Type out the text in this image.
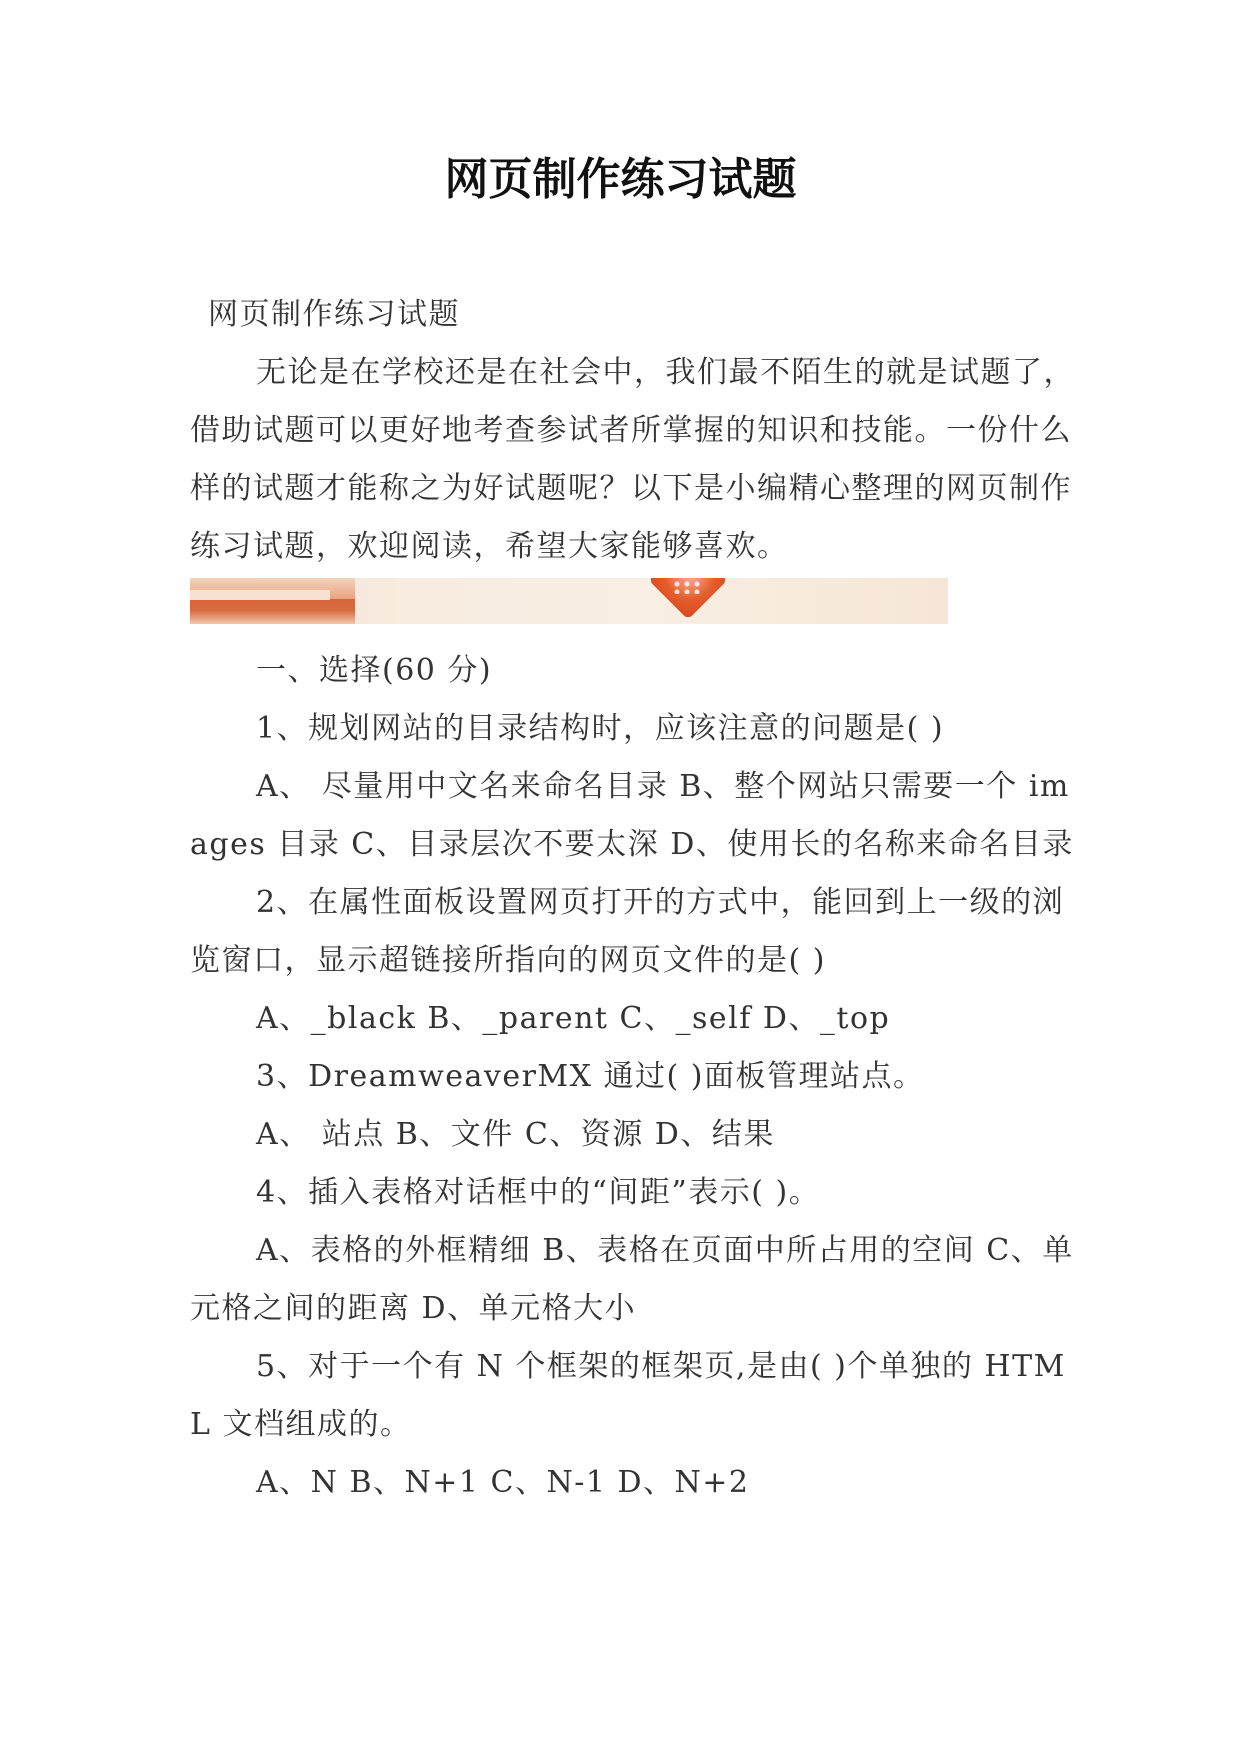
网页制作练习试题

网页制作练习试题

无论是在学校还是在社会中，我们最不陌生的就是试题了，借助试题可以更好地考查参试者所掌握的知识和技能。一份什么样的试题才能称之为好试题呢？以下是小编精心整理的网页制作练习试题，欢迎阅读，希望大家能够喜欢。

一、选择(60 分)

1、规划网站的目录结构时，应该注意的问题是( )

A、 尽量用中文名来命名目录 B、整个网站只需要一个 images 目录 C、目录层次不要太深 D、使用长的名称来命名目录

2、在属性面板设置网页打开的方式中，能回到上一级的浏览窗口，显示超链接所指向的网页文件的是( )

A、_black B、_parent C、_self D、_top

3、DreamweaverMX 通过( )面板管理站点。

A、 站点 B、文件 C、资源 D、结果

4、插入表格对话框中的“间距”表示( )。

A、表格的外框精细 B、表格在页面中所占用的空间 C、单元格之间的距离 D、单元格大小

5、对于一个有 N 个框架的框架页,是由( )个单独的 HTML 文档组成的。

A、N B、N+1 C、N-1 D、N+2
